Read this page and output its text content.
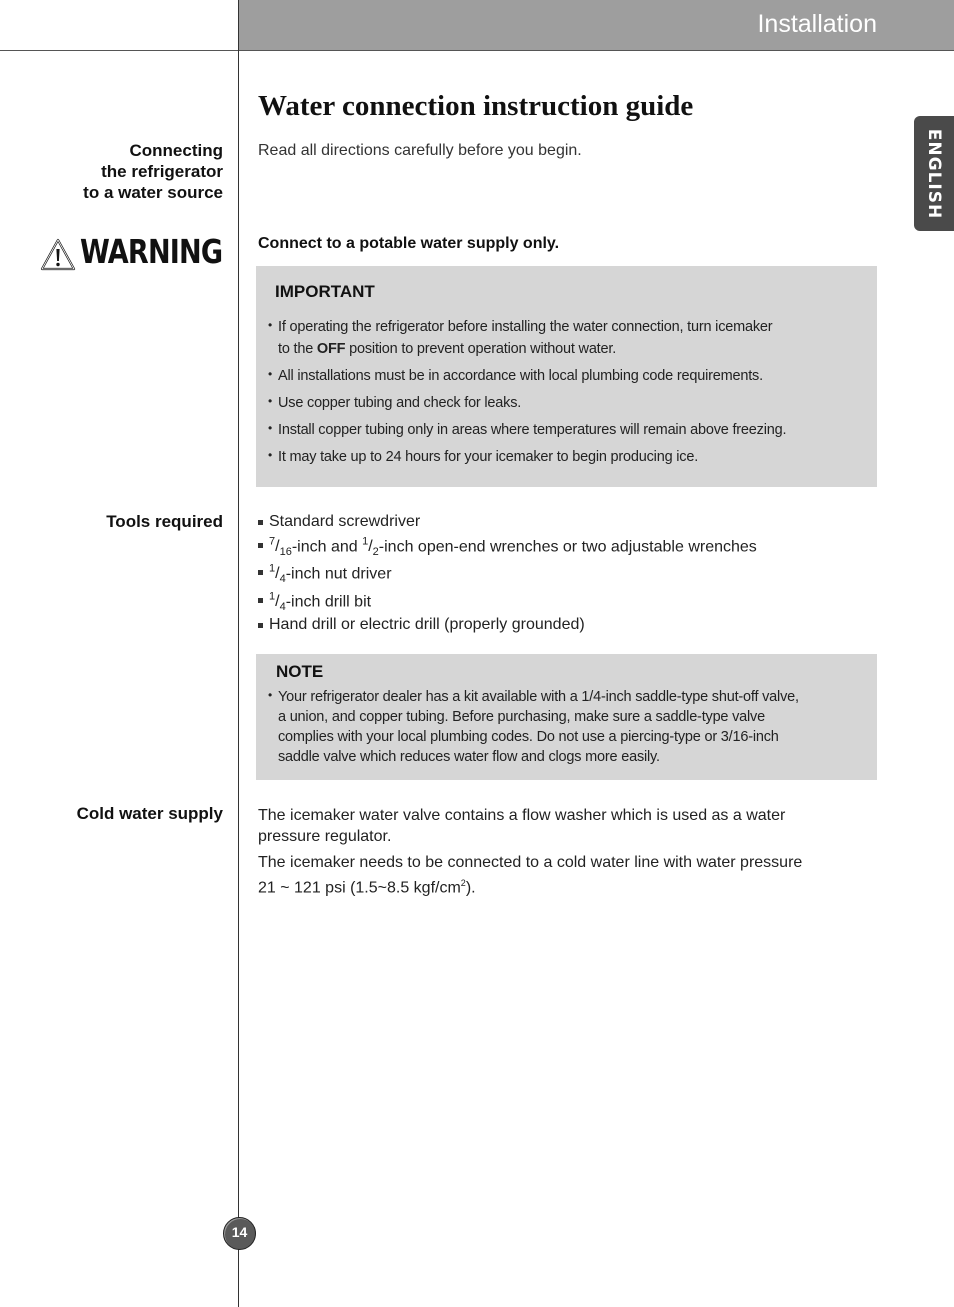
Installation
ENGLISH
Water connection instruction guide
Read all directions carefully before you begin.
Connecting
the refrigerator
to a water source
WARNING Connect to a potable water supply only.
IMPORTANT
• If operating the refrigerator before installing the water connection, turn icemaker
to the OFF position to prevent operation without water.
• All installations must be in accordance with local plumbing code requirements.
• Use copper tubing and check for leaks.
• Install copper tubing only in areas where temperatures will remain above freezing.
• It may take up to 24 hours for your icemaker to begin producing ice.
Tools required	Standard screwdriver
$^7/_{16}$-inch and $^1/_2$-inch open-end wrenches or two adjustable wrenches
$^1/_4$-inch nut driver
$^1/_4$-inch drill bit
Hand drill or electric drill (properly grounded)
NOTE
• Your refrigerator dealer has a kit available with a 1/4-inch saddle-type shut-off valve,
a union, and copper tubing. Before purchasing, make sure a saddle-type valve
complies with your local plumbing codes. Do not use a piercing-type or 3/16-inch
saddle valve which reduces water flow and clogs more easily.
Cold water supply The icemaker water valve contains a flow washer which is used as a water pressure regulator.

The icemaker needs to be connected to a cold water line with water pressure
21 ~ 121 psi (1.5~8.5 kgf/$cm^2$).

14
